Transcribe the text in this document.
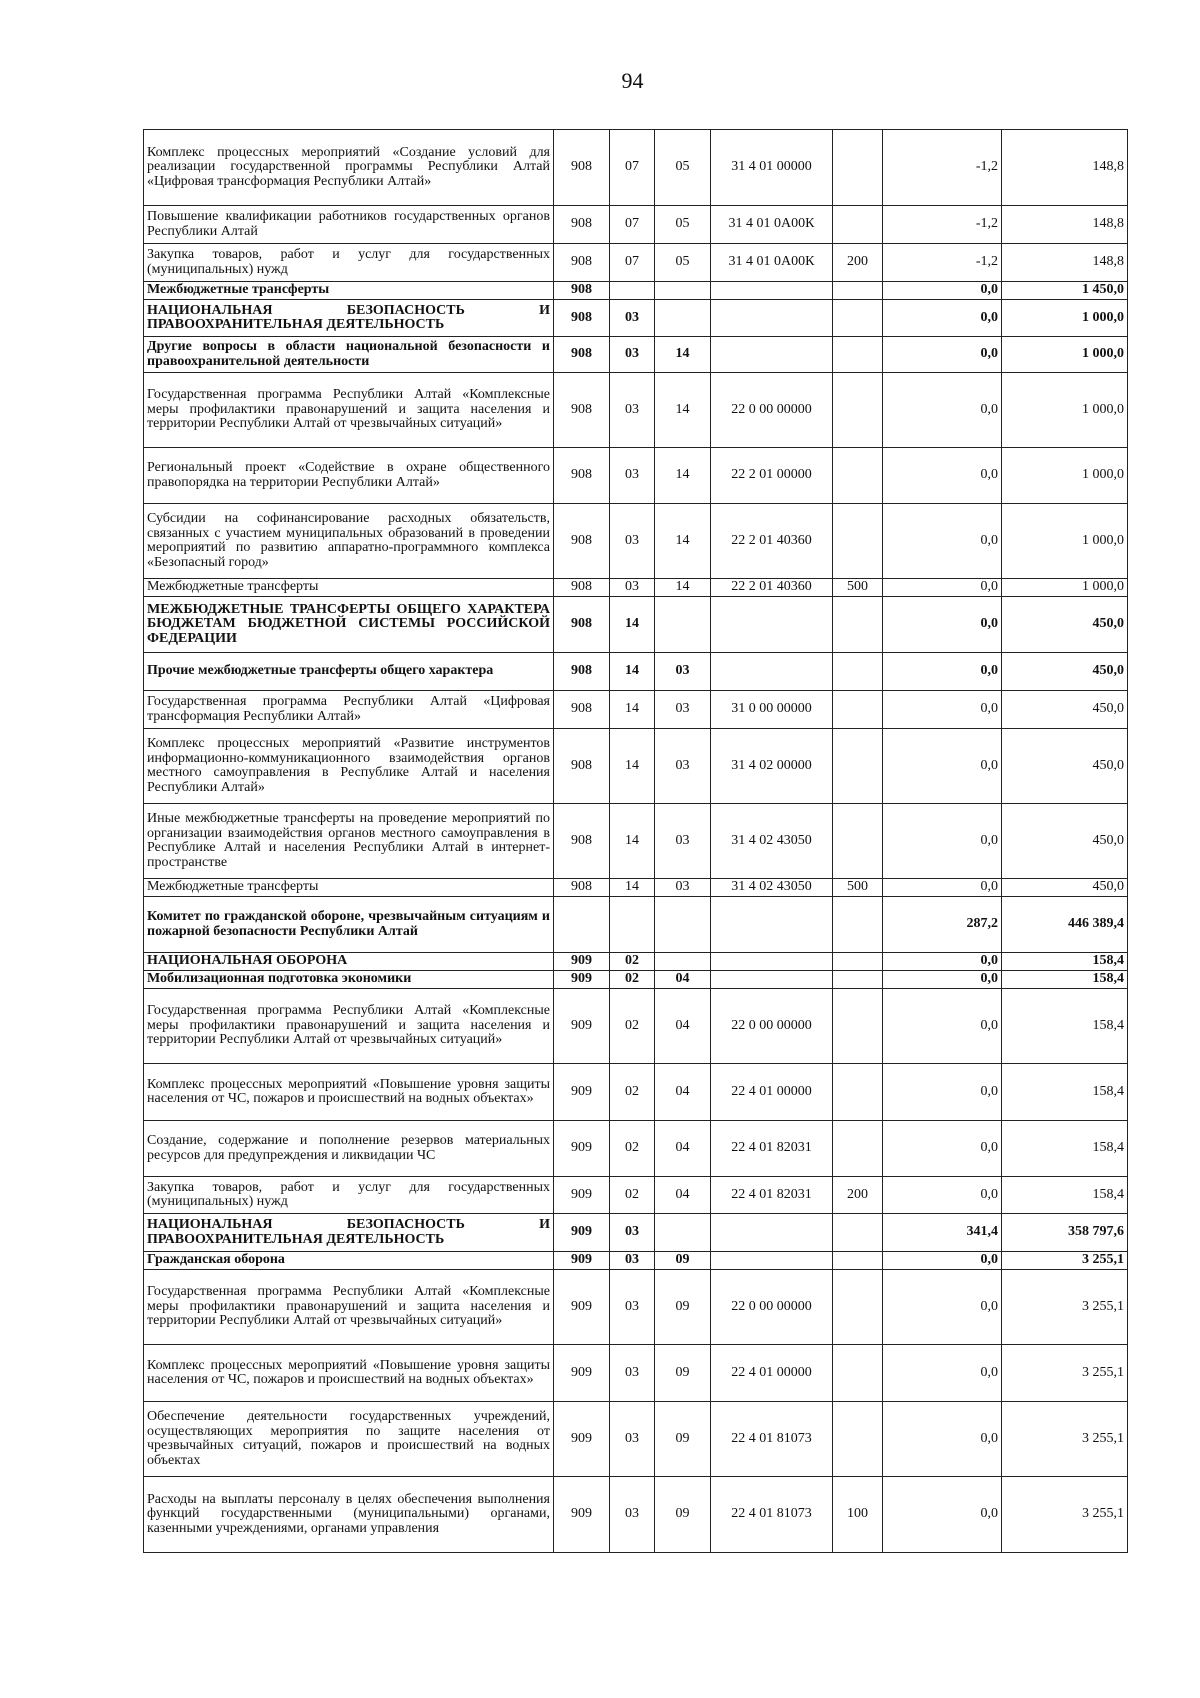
94
Комплекс процессных мероприятий «Создание условий для реализации государственной программы Республики Алтай «Цифровая трансформация Республики Алтай»	908	07	05	31 4 01 00000		-1,2	148,8
Повышение квалификации работников государственных органов Республики Алтай	908	07	05	31 4 01 0А00К		-1,2	148,8
Закупка товаров, работ и услуг для государственных (муниципальных) нужд	908	07	05	31 4 01 0А00К	200	-1,2	148,8
Межбюджетные трансферты	908					0,0	1 450,0
НАЦИОНАЛЬНАЯ БЕЗОПАСНОСТЬ И ПРАВООХРАНИТЕЛЬНАЯ ДЕЯТЕЛЬНОСТЬ	908	03				0,0	1 000,0
Другие вопросы в области национальной безопасности и правоохранительной деятельности	908	03	14			0,0	1 000,0
Государственная программа Республики Алтай «Комплексные меры профилактики правонарушений и защита населения и территории Республики Алтай от чрезвычайных ситуаций»	908	03	14	22 0 00 00000		0,0	1 000,0
Региональный проект «Содействие в охране общественного правопорядка на территории Республики Алтай»	908	03	14	22 2 01 00000		0,0	1 000,0
Субсидии на софинансирование расходных обязательств, связанных с участием муниципальных образований в проведении мероприятий по развитию аппаратно-программного комплекса «Безопасный город»	908	03	14	22 2 01 40360		0,0	1 000,0
Межбюджетные трансферты	908	03	14	22 2 01 40360	500	0,0	1 000,0
МЕЖБЮДЖЕТНЫЕ ТРАНСФЕРТЫ ОБЩЕГО ХАРАКТЕРА БЮДЖЕТАМ БЮДЖЕТНОЙ СИСТЕМЫ РОССИЙСКОЙ ФЕДЕРАЦИИ	908	14				0,0	450,0
Прочие межбюджетные трансферты общего характера	908	14	03			0,0	450,0
Государственная программа Республики Алтай «Цифровая трансформация Республики Алтай»	908	14	03	31 0 00 00000		0,0	450,0
Комплекс процессных мероприятий «Развитие инструментов информационно-коммуникационного взаимодействия органов местного самоуправления в Республике Алтай и населения Республики Алтай»	908	14	03	31 4 02 00000		0,0	450,0
Иные межбюджетные трансферты на проведение мероприятий по организации взаимодействия органов местного самоуправления в Республике Алтай и населения Республики Алтай в интернет-пространстве	908	14	03	31 4 02 43050		0,0	450,0
Межбюджетные трансферты	908	14	03	31 4 02 43050	500	0,0	450,0
Комитет по гражданской обороне, чрезвычайным ситуациям и пожарной безопасности Республики Алтай						287,2	446 389,4
НАЦИОНАЛЬНАЯ ОБОРОНА	909	02				0,0	158,4
Мобилизационная подготовка экономики	909	02	04			0,0	158,4
Государственная программа Республики Алтай «Комплексные меры профилактики правонарушений и защита населения и территории Республики Алтай от чрезвычайных ситуаций»	909	02	04	22 0 00 00000		0,0	158,4
Комплекс процессных мероприятий «Повышение уровня защиты населения от ЧС, пожаров и происшествий на водных объектах»	909	02	04	22 4 01 00000		0,0	158,4
Создание, содержание и пополнение резервов материальных ресурсов для предупреждения и ликвидации ЧС	909	02	04	22 4 01 82031		0,0	158,4
Закупка товаров, работ и услуг для государственных (муниципальных) нужд	909	02	04	22 4 01 82031	200	0,0	158,4
НАЦИОНАЛЬНАЯ БЕЗОПАСНОСТЬ И ПРАВООХРАНИТЕЛЬНАЯ ДЕЯТЕЛЬНОСТЬ	909	03				341,4	358 797,6
Гражданская оборона	909	03	09			0,0	3 255,1
Государственная программа Республики Алтай «Комплексные меры профилактики правонарушений и защита населения и территории Республики Алтай от чрезвычайных ситуаций»	909	03	09	22 0 00 00000		0,0	3 255,1
Комплекс процессных мероприятий «Повышение уровня защиты населения от ЧС, пожаров и происшествий на водных объектах»	909	03	09	22 4 01 00000		0,0	3 255,1
Обеспечение деятельности государственных учреждений, осуществляющих мероприятия по защите населения от чрезвычайных ситуаций, пожаров и происшествий на водных объектах	909	03	09	22 4 01 81073		0,0	3 255,1
Расходы на выплаты персоналу в целях обеспечения выполнения функций государственными (муниципальными) органами, казенными учреждениями, органами управления	909	03	09	22 4 01 81073	100	0,0	3 255,1
